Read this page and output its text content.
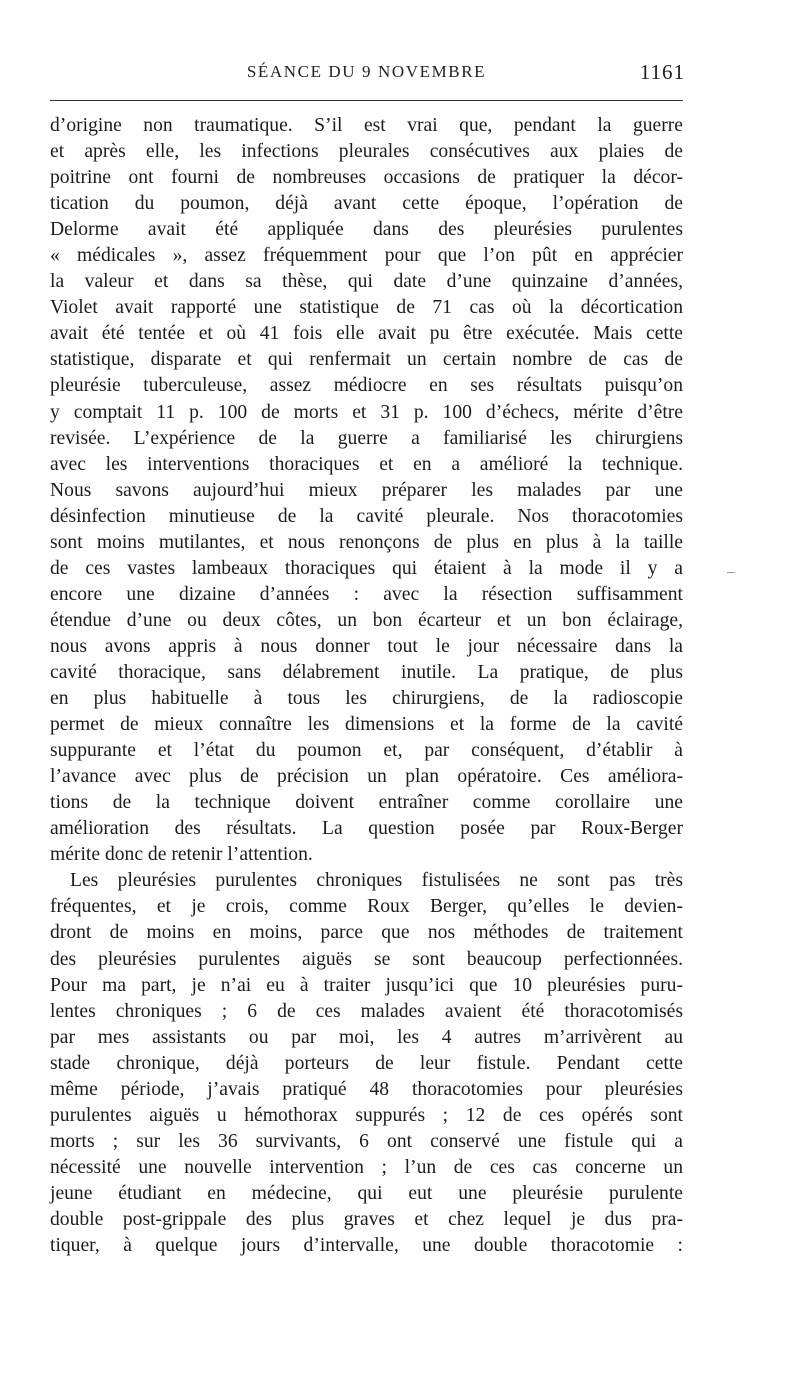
SÉANCE DU 9 NOVEMBRE	1161
d’origine non traumatique. S’il est vrai que, pendant la guerre
et après elle, les infections pleurales consécutives aux plaies de
poitrine ont fourni de nombreuses occasions de pratiquer la décor-
tication du poumon, déjà avant cette époque, l’opération de
Delorme avait été appliquée dans des pleurésies purulentes
« médicales », assez fréquemment pour que l’on pût en apprécier
la valeur et dans sa thèse, qui date d’une quinzaine d’années,
Violet avait rapporté une statistique de 71 cas où la décortication
avait été tentée et où 41 fois elle avait pu être exécutée. Mais cette
statistique, disparate et qui renfermait un certain nombre de cas de
pleurésie tuberculeuse, assez médiocre en ses résultats puisqu’on
y comptait 11 p. 100 de morts et 31 p. 100 d’échecs, mérite d’être
revisée. L’expérience de la guerre a familiarisé les chirurgiens
avec les interventions thoraciques et en a amélioré la technique.
Nous savons aujourd’hui mieux préparer les malades par une
désinfection minutieuse de la cavité pleurale. Nos thoracotomies
sont moins mutilantes, et nous renonçons de plus en plus à la taille
de ces vastes lambeaux thoraciques qui étaient à la mode il y a
encore une dizaine d’années : avec la résection suffisamment
étendue d’une ou deux côtes, un bon écarteur et un bon éclairage,
nous avons appris à nous donner tout le jour nécessaire dans la
cavité thoracique, sans délabrement inutile. La pratique, de plus
en plus habituelle à tous les chirurgiens, de la radioscopie
permet de mieux connaître les dimensions et la forme de la cavité
suppurante et l’état du poumon et, par conséquent, d’établir à
l’avance avec plus de précision un plan opératoire. Ces améliora-
tions de la technique doivent entraîner comme corollaire une
amélioration des résultats. La question posée par Roux-Berger
mérite donc de retenir l’attention.
Les pleurésies purulentes chroniques fistulisées ne sont pas très
fréquentes, et je crois, comme Roux Berger, qu’elles le devien-
dront de moins en moins, parce que nos méthodes de traitement
des pleurésies purulentes aiguës se sont beaucoup perfectionnées.
Pour ma part, je n’ai eu à traiter jusqu’ici que 10 pleurésies puru-
lentes chroniques ; 6 de ces malades avaient été thoracotomisés
par mes assistants ou par moi, les 4 autres m’arrivèrent au
stade chronique, déjà porteurs de leur fistule. Pendant cette
même période, j’avais pratiqué 48 thoracotomies pour pleurésies
purulentes aiguës u hémothorax suppurés ; 12 de ces opérés sont
morts ; sur les 36 survivants, 6 ont conservé une fistule qui a
nécessité une nouvelle intervention ; l’un de ces cas concerne un
jeune étudiant en médecine, qui eut une pleurésie purulente
double post-grippale des plus graves et chez lequel je dus pra-
tiquer, à quelque jours d’intervalle, une double thoracotomie :
